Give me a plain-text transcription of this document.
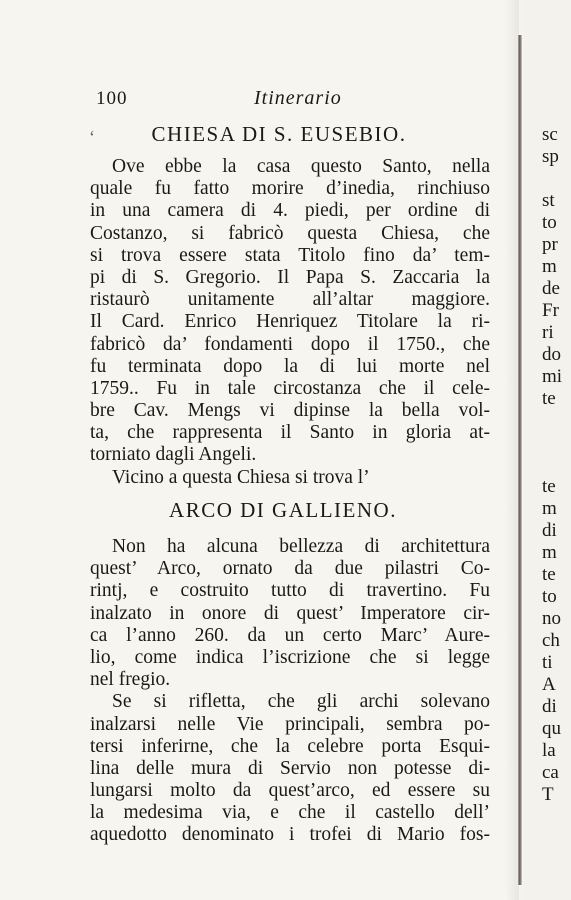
100	Itinerario
‘	CHIESA DI S. EUSEBIO.
Ove ebbe la casa questo Santo, nella
quale fu fatto morire d’inedia, rinchiuso
in una camera di 4. piedi, per ordine di
Costanzo, si fabricò questa Chiesa, che
si trova essere stata Titolo fino da’ tem-
pi di S. Gregorio. Il Papa S. Zaccaria la
ristaurò unitamente all’altar maggiore.
Il Card. Enrico Henriquez Titolare la ri-
fabricò da’ fondamenti dopo il 1750., che
fu terminata dopo la di lui morte nel
1759.. Fu in tale circostanza che il cele-
bre Cav. Mengs vi dipinse la bella vol-
ta, che rappresenta il Santo in gloria at-
torniato dagli Angeli.
Vicino a questa Chiesa si trova l’
ARCO DI GALLIENO.
Non ha alcuna bellezza di architettura
quest’ Arco, ornato da due pilastri Co-
rintj, e costruito tutto di travertino. Fu
inalzato in onore di quest’ Imperatore cir-
ca l’anno 260. da un certo Marc’ Aure-
lio, come indica l’iscrizione che si legge
nel fregio.
Se si rifletta, che gli archi solevano
inalzarsi nelle Vie principali, sembra po-
tersi inferirne, che la celebre porta Esqui-
lina delle mura di Servio non potesse di-
lungarsi molto da quest’arco, ed essere su
la medesima via, e che il castello dell’
aquedotto denominato i trofei di Mario fos-
sc
sp
st
to
pr
m
de
Fr
ri
do
mi
te
te
m
di
m
te
to
no
ch
ti
A
di
qu
la
ca
T
